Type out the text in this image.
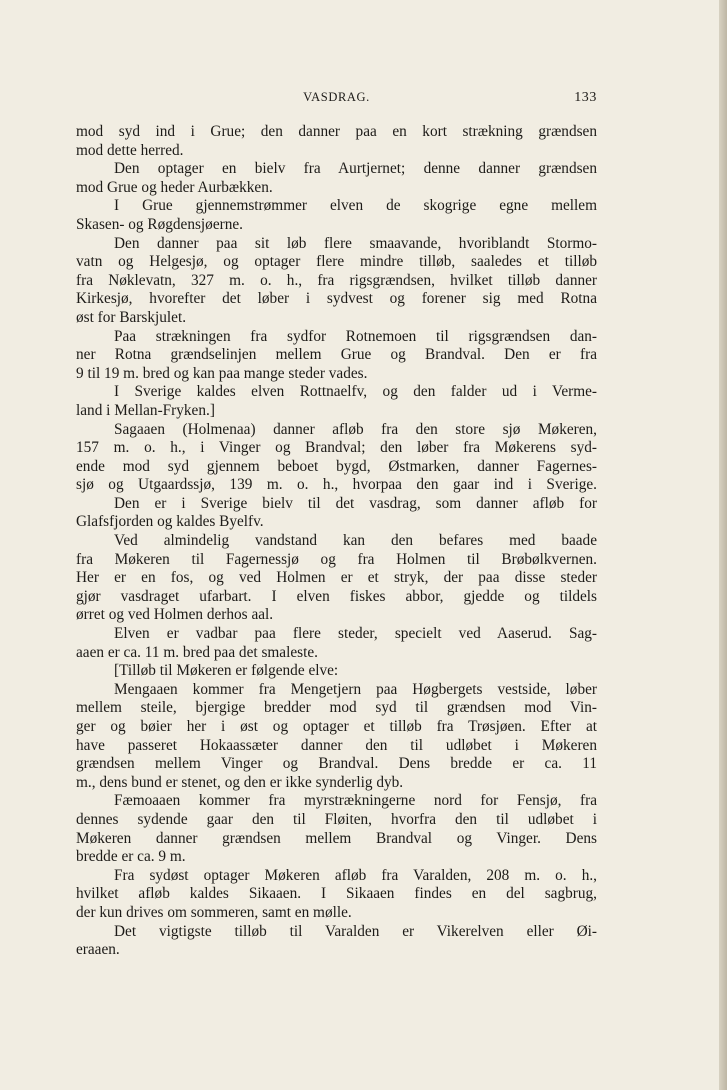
VASDRAG.	133
mod syd ind i Grue; den danner paa en kort strækning grændsen
mod dette herred.
Den optager en bielv fra Aurtjernet; denne danner grændsen
mod Grue og heder Aurbækken.
I Grue gjennemstrømmer elven de skogrige egne mellem
Skasen- og Røgdensjøerne.
Den danner paa sit løb flere smaavande, hvoriblandt Stormo-
vatn og Helgesjø, og optager flere mindre tilløb, saaledes et tilløb
fra Nøklevatn, 327 m. o. h., fra rigsgrændsen, hvilket tilløb danner
Kirkesjø, hvorefter det løber i sydvest og forener sig med Rotna
øst for Barskjulet.
Paa strækningen fra sydfor Rotnemoen til rigsgrændsen dan-
ner Rotna grændselinjen mellem Grue og Brandval. Den er fra
9 til 19 m. bred og kan paa mange steder vades.
I Sverige kaldes elven Rottnaelfv, og den falder ud i Verme-
land i Mellan-Fryken.]
Sagaaen (Holmenaa) danner afløb fra den store sjø Møkeren,
157 m. o. h., i Vinger og Brandval; den løber fra Møkerens syd-
ende mod syd gjennem beboet bygd, Østmarken, danner Fagernes-
sjø og Utgaardssjø, 139 m. o. h., hvorpaa den gaar ind i Sverige.
Den er i Sverige bielv til det vasdrag, som danner afløb for
Glafsfjorden og kaldes Byelfv.
Ved almindelig vandstand kan den befares med baade
fra Møkeren til Fagernessjø og fra Holmen til Brøbølkvernen.
Her er en fos, og ved Holmen er et stryk, der paa disse steder
gjør vasdraget ufarbart. I elven fiskes abbor, gjedde og tildels
ørret og ved Holmen derhos aal.
Elven er vadbar paa flere steder, specielt ved Aaserud. Sag-
aaen er ca. 11 m. bred paa det smaleste.
[Tilløb til Møkeren er følgende elve:
Mengaaen kommer fra Mengetjern paa Høgbergets vestside, løber
mellem steile, bjergige bredder mod syd til grændsen mod Vin-
ger og bøier her i øst og optager et tilløb fra Trøsjøen. Efter at
have passeret Hokaassæter danner den til udløbet i Møkeren
grændsen mellem Vinger og Brandval. Dens bredde er ca. 11
m., dens bund er stenet, og den er ikke synderlig dyb.
Fæmoaaen kommer fra myrstrækningerne nord for Fensjø, fra
dennes sydende gaar den til Fløiten, hvorfra den til udløbet i
Møkeren danner grændsen mellem Brandval og Vinger. Dens
bredde er ca. 9 m.
Fra sydøst optager Møkeren afløb fra Varalden, 208 m. o. h.,
hvilket afløb kaldes Sikaaen. I Sikaaen findes en del sagbrug,
der kun drives om sommeren, samt en mølle.
Det vigtigste tilløb til Varalden er Vikerelven eller Øi-
eraaen.
